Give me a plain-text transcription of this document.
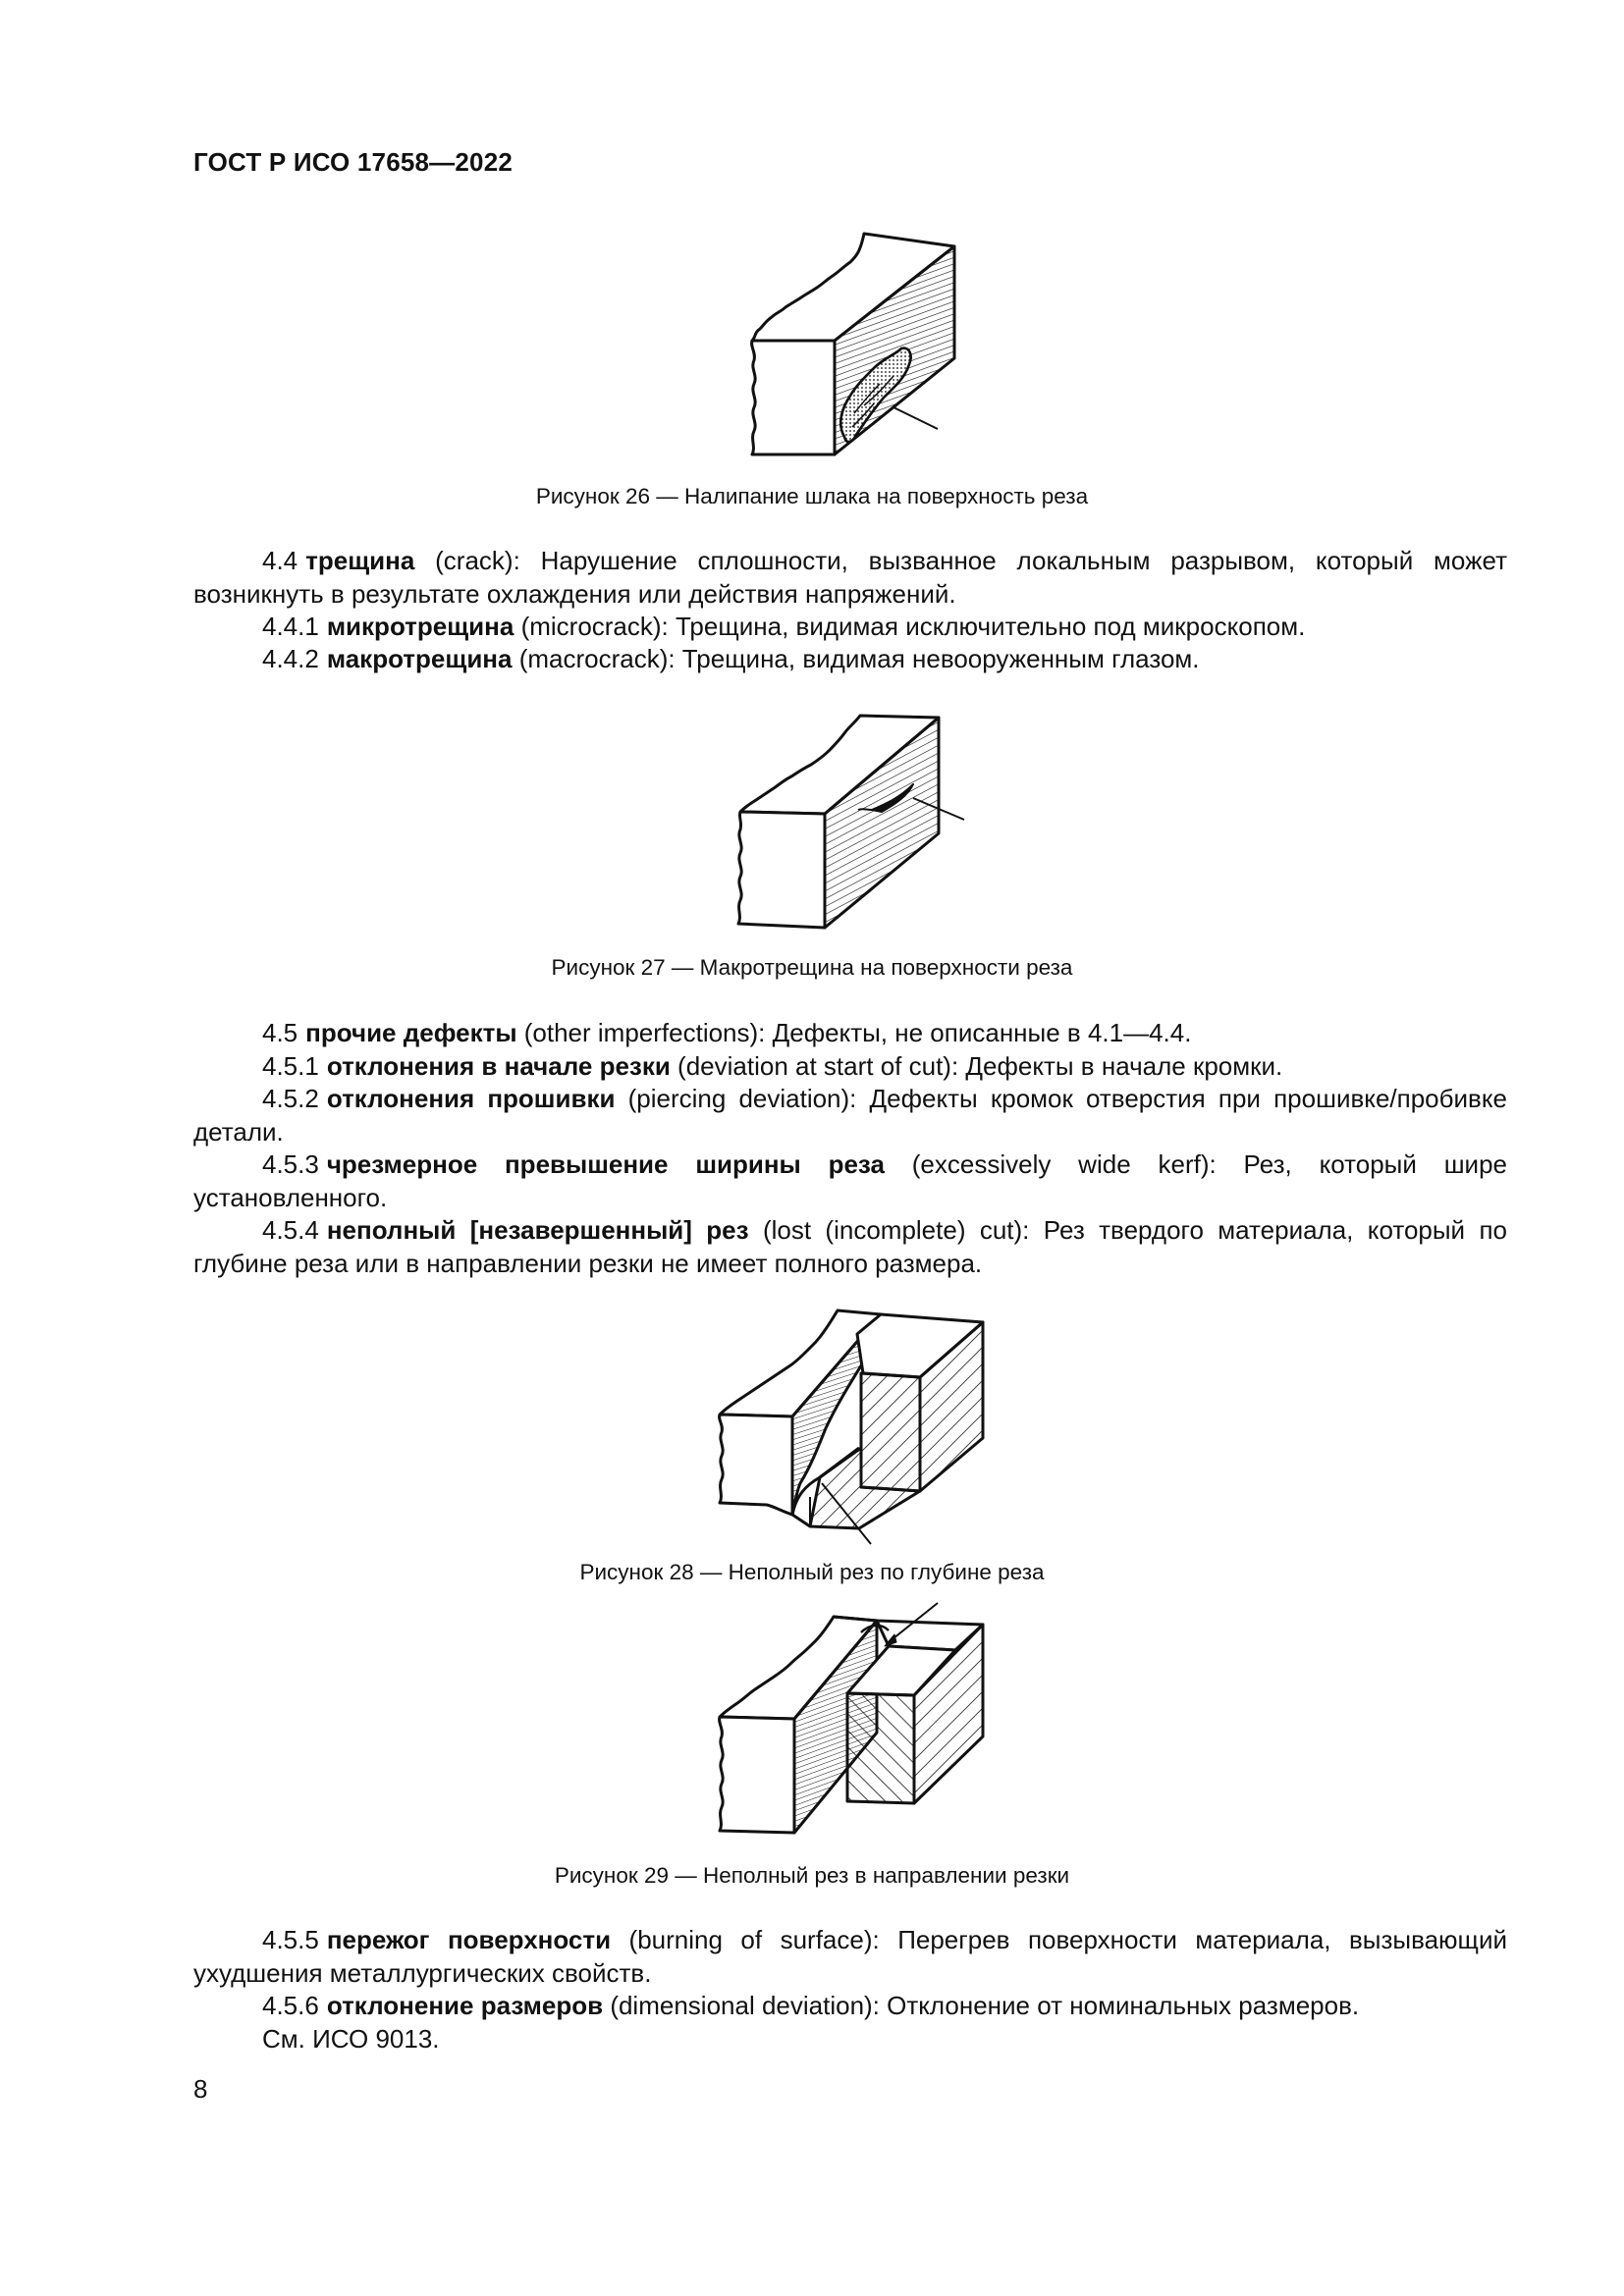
ГОСТ Р ИСО 17658—2022
Рисунок 26 — Налипание шлака на поверхность реза
4.4 трещина (crack): Нарушение сплошности, вызванное локальным разрывом, который может возникнуть в результате охлаждения или действия напряжений.
4.4.1 микротрещина (microcrack): Трещина, видимая исключительно под микроскопом.
4.4.2 макротрещина (macrocrack): Трещина, видимая невооруженным глазом.
Рисунок 27 — Макротрещина на поверхности реза
4.5 прочие дефекты (other imperfections): Дефекты, не описанные в 4.1—4.4.
4.5.1 отклонения в начале резки (deviation at start of cut): Дефекты в начале кромки.
4.5.2 отклонения прошивки (piercing deviation): Дефекты кромок отверстия при прошивке/пробивке детали.
4.5.3 чрезмерное превышение ширины реза (excessively wide kerf): Рез, который шире установленного.
4.5.4 неполный [незавершенный] рез (lost (incomplete) cut): Рез твердого материала, который по глубине реза или в направлении резки не имеет полного размера.
Рисунок 28 — Неполный рез по глубине реза
Рисунок 29 — Неполный рез в направлении резки
4.5.5 пережог поверхности (burning of surface): Перегрев поверхности материала, вызывающий ухудшения металлургических свойств.
4.5.6 отклонение размеров (dimensional deviation): Отклонение от номинальных размеров.
См. ИСО 9013.
8
